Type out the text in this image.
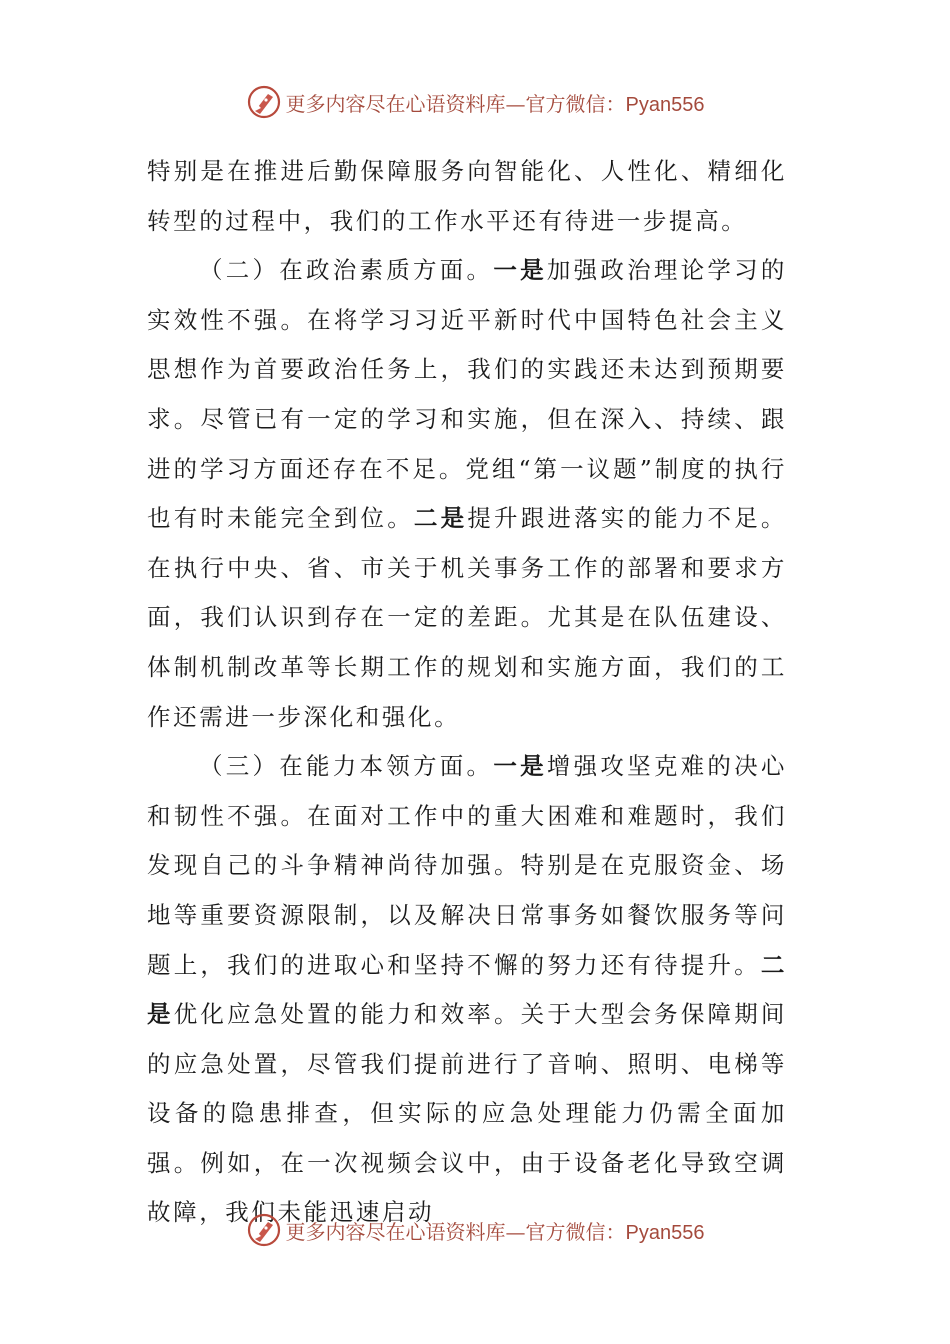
更多内容尽在心语资料库—官方微信：Pyan556

特别是在推进后勤保障服务向智能化、人性化、精细化转型的过程中，我们的工作水平还有待进一步提高。

（二）在政治素质方面。一是加强政治理论学习的实效性不强。在将学习习近平新时代中国特色社会主义思想作为首要政治任务上，我们的实践还未达到预期要求。尽管已有一定的学习和实施，但在深入、持续、跟进的学习方面还存在不足。党组“第一议题”制度的执行也有时未能完全到位。二是提升跟进落实的能力不足。在执行中央、省、市关于机关事务工作的部署和要求方面，我们认识到存在一定的差距。尤其是在队伍建设、体制机制改革等长期工作的规划和实施方面，我们的工作还需进一步深化和强化。

（三）在能力本领方面。一是增强攻坚克难的决心和韧性不强。在面对工作中的重大困难和难题时，我们发现自己的斗争精神尚待加强。特别是在克服资金、场地等重要资源限制，以及解决日常事务如餐饮服务等问题上，我们的进取心和坚持不懈的努力还有待提升。二是优化应急处置的能力和效率。关于大型会务保障期间的应急处置，尽管我们提前进行了音响、照明、电梯等设备的隐患排查，但实际的应急处理能力仍需全面加强。例如，在一次视频会议中，由于设备老化导致空调故障，我们未能迅速启动

更多内容尽在心语资料库—官方微信：Pyan556
